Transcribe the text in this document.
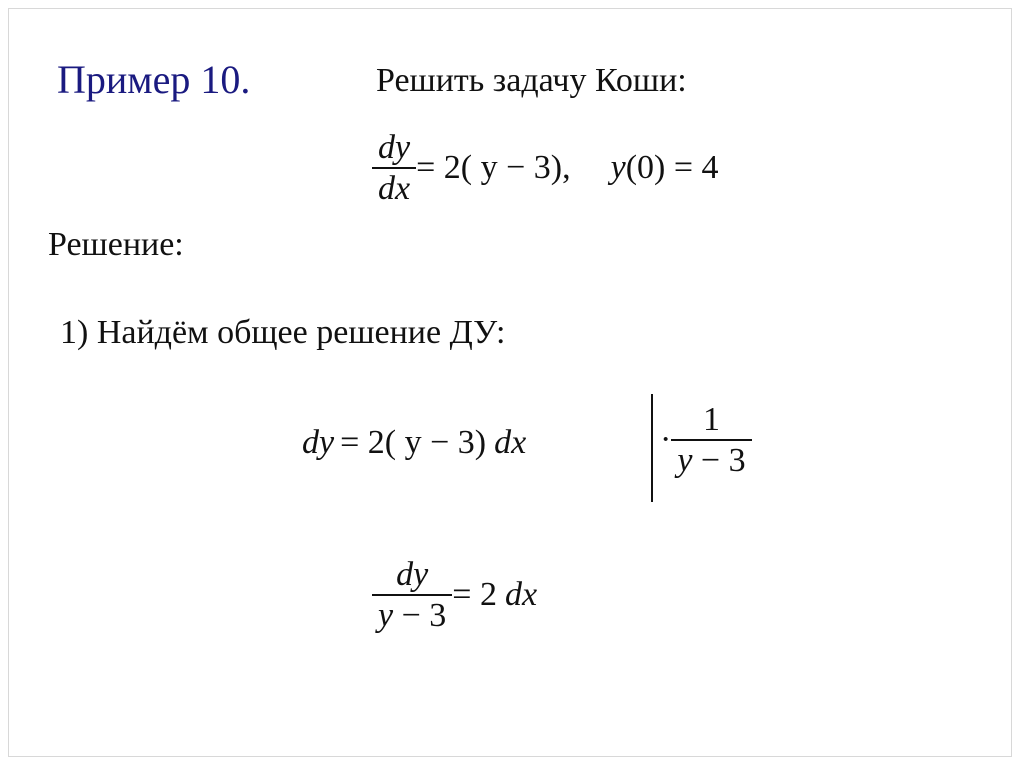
Пример 10.	Решить задачу Коши:
$\frac{dy}{dx} = 2$( y − 3), y (0) = 4
Решение:
1) Найдём общее решение ДУ:
dy = 2( y − 3) dx	· $\frac{1}{y - 3}$
$\frac{dy}{y - 3} = 2$ dx
